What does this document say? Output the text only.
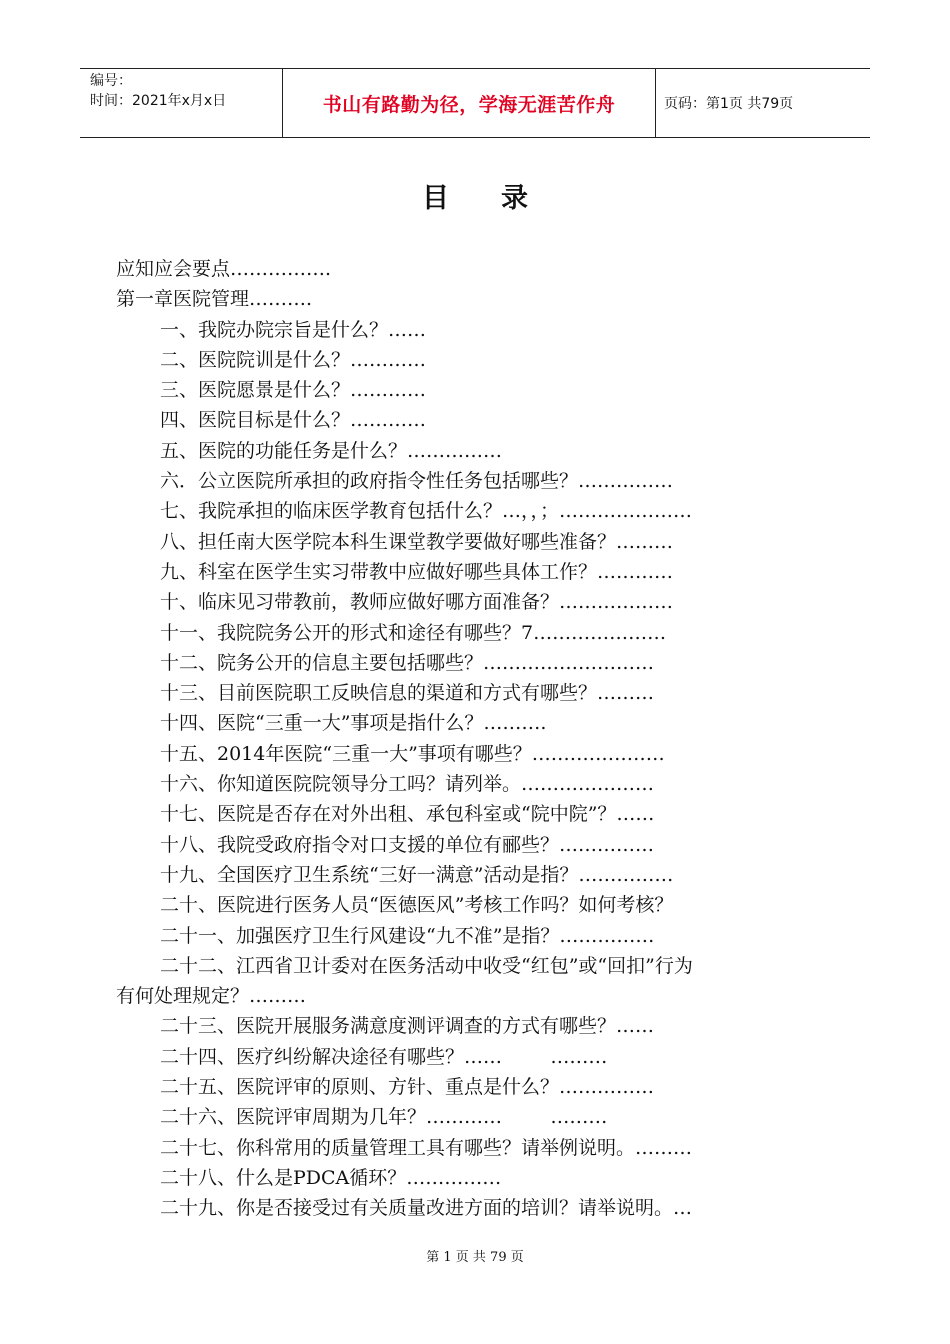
编号：
时间：2021年x月x日	书山有路勤为径，学海无涯苦作舟	页码：第1页 共79页
目录
应知应会要点…………….
第一章医院管理……….
一、我院办院宗旨是什么？……
二、医院院训是什么？…………
三、医院愿景是什么？…………
四、医院目标是什么？…………
五、医院的功能任务是什么？……………
六．公立医院所承担的政府指令性任务包括哪些？……………
七、我院承担的临床医学教育包括什么？…，，；…………………
八、担任南大医学院本科生课堂教学要做好哪些准备？………
九、科室在医学生实习带教中应做好哪些具体工作？…………
十、临床见习带教前，教师应做好哪方面准备？………………
十一、我院院务公开的形式和途径有哪些？7…………………
十二、院务公开的信息主要包括哪些？………………………
十三、目前医院职工反映信息的渠道和方式有哪些？………
十四、医院“三重一大”事项是指什么？……….
十五、2014年医院“三重一大”事项有哪些？…………………
十六、你知道医院院领导分工吗？请列举。…………………
十七、医院是否存在对外出租、承包科室或“院中院”？……
十八、我院受政府指令对口支援的单位有郦些？……………
十九、全国医疗卫生系统“三好一满意”活动是指？……………
二十、医院进行医务人员“医德医风”考核工作吗？如何考核？
二十一、加强医疗卫生行风建设“九不准”是指？……………
二十二、江西省卫计委对在医务活动中收受“红包”或“回扣”行为
有何处理规定？………
二十三、医院开展服务满意度测评调查的方式有哪些？……
二十四、医疗纠纷解决途径有哪些？……        ………
二十五、医院评审的原则、方针、重点是什么？……………
二十六、医院评审周期为几年？…………        ………
二十七、你科常用的质量管理工具有哪些？请举例说明。………
二十八、什么是PDCA循环？……………
二十九、你是否接受过有关质量改进方面的培训？请举说明。…
第 1 页 共 79 页
